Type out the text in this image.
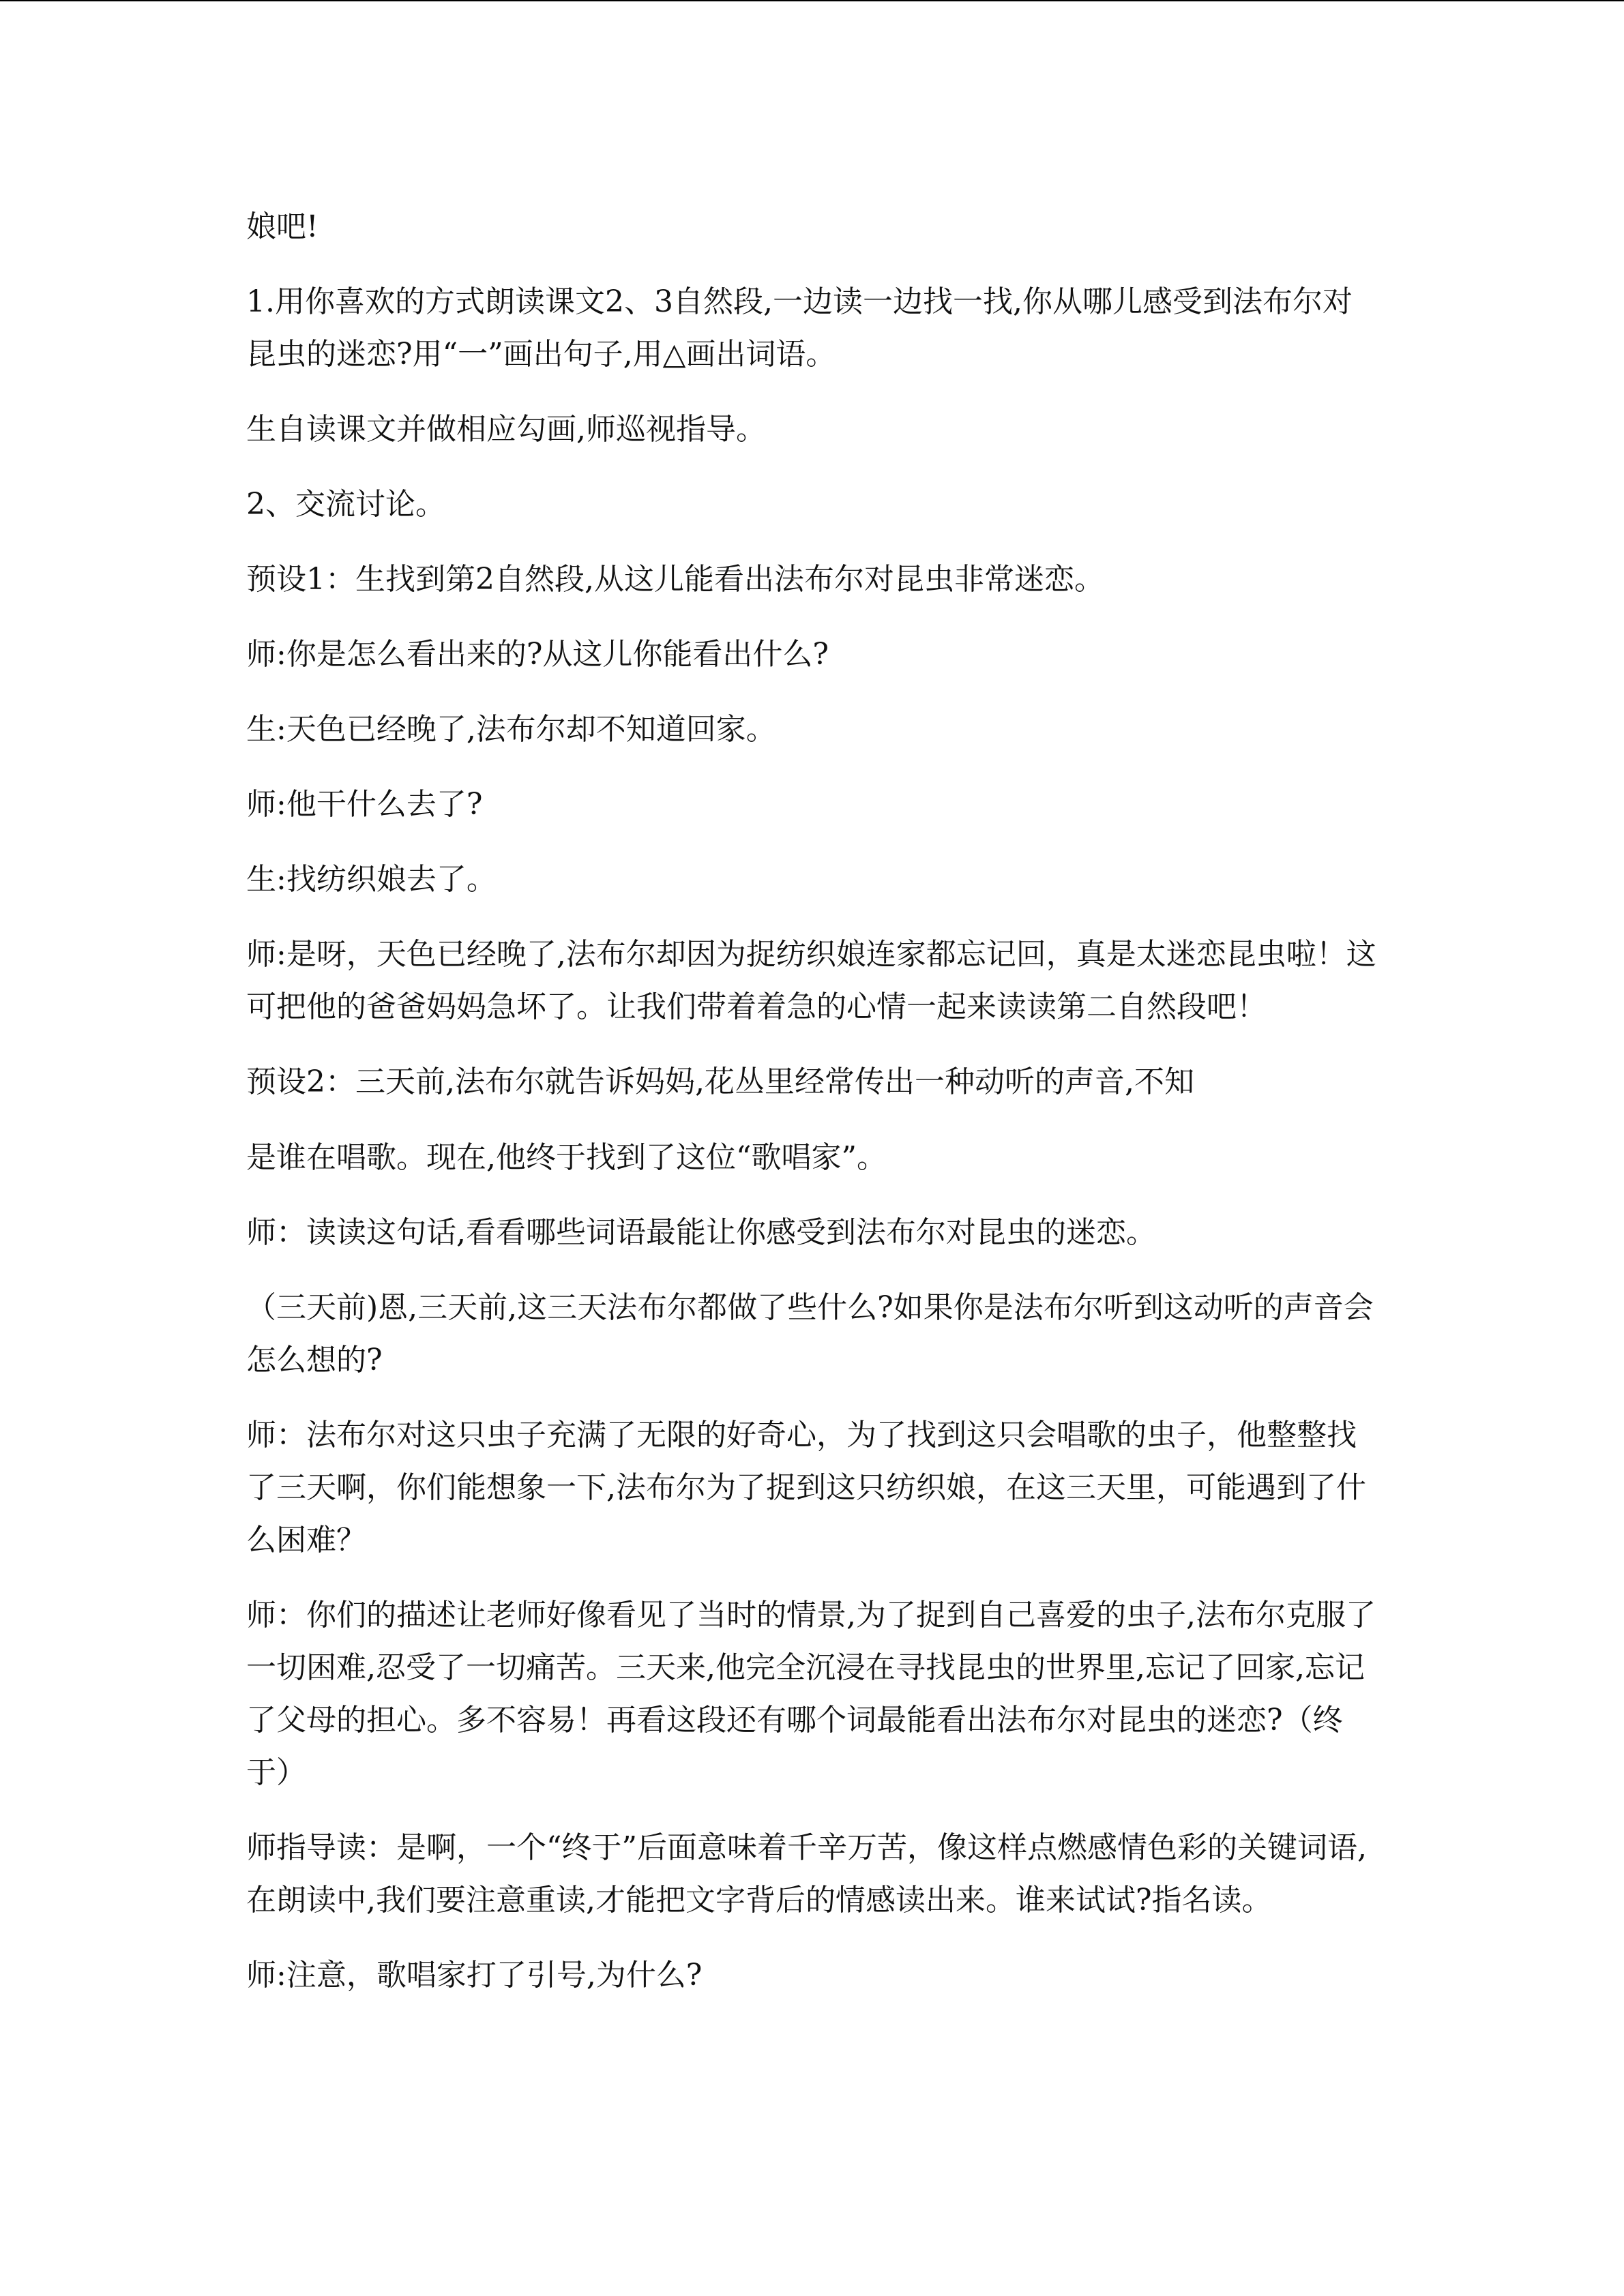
娘吧!

1.用你喜欢的方式朗读课文2、3自然段,一边读一边找一找,你从哪儿感受到法布尔对昆虫的迷恋?用“一”画出句子,用△画出词语。

生自读课文并做相应勾画,师巡视指导。

2、交流讨论。

预设1：生找到第2自然段,从这儿能看出法布尔对昆虫非常迷恋。

师:你是怎么看出来的?从这儿你能看出什么?

生:天色已经晚了,法布尔却不知道回家。

师:他干什么去了?

生:找纺织娘去了。

师:是呀，天色已经晚了,法布尔却因为捉纺织娘连家都忘记回，真是太迷恋昆虫啦！这可把他的爸爸妈妈急坏了。让我们带着着急的心情一起来读读第二自然段吧！

预设2：三天前,法布尔就告诉妈妈,花丛里经常传出一种动听的声音,不知

是谁在唱歌。现在,他终于找到了这位“歌唱家”。

师：读读这句话,看看哪些词语最能让你感受到法布尔对昆虫的迷恋。

（三天前)恩,三天前,这三天法布尔都做了些什么?如果你是法布尔听到这动听的声音会怎么想的?

师：法布尔对这只虫子充满了无限的好奇心，为了找到这只会唱歌的虫子，他整整找了三天啊，你们能想象一下,法布尔为了捉到这只纺织娘，在这三天里，可能遇到了什么困难？

师：你们的描述让老师好像看见了当时的情景,为了捉到自己喜爱的虫子,法布尔克服了一切困难,忍受了一切痛苦。三天来,他完全沉浸在寻找昆虫的世界里,忘记了回家,忘记了父母的担心。多不容易！再看这段还有哪个词最能看出法布尔对昆虫的迷恋?（终于）

师指导读：是啊，一个“终于”后面意味着千辛万苦，像这样点燃感情色彩的关键词语,在朗读中,我们要注意重读,才能把文字背后的情感读出来。谁来试试?指名读。

师:注意，歌唱家打了引号,为什么?
